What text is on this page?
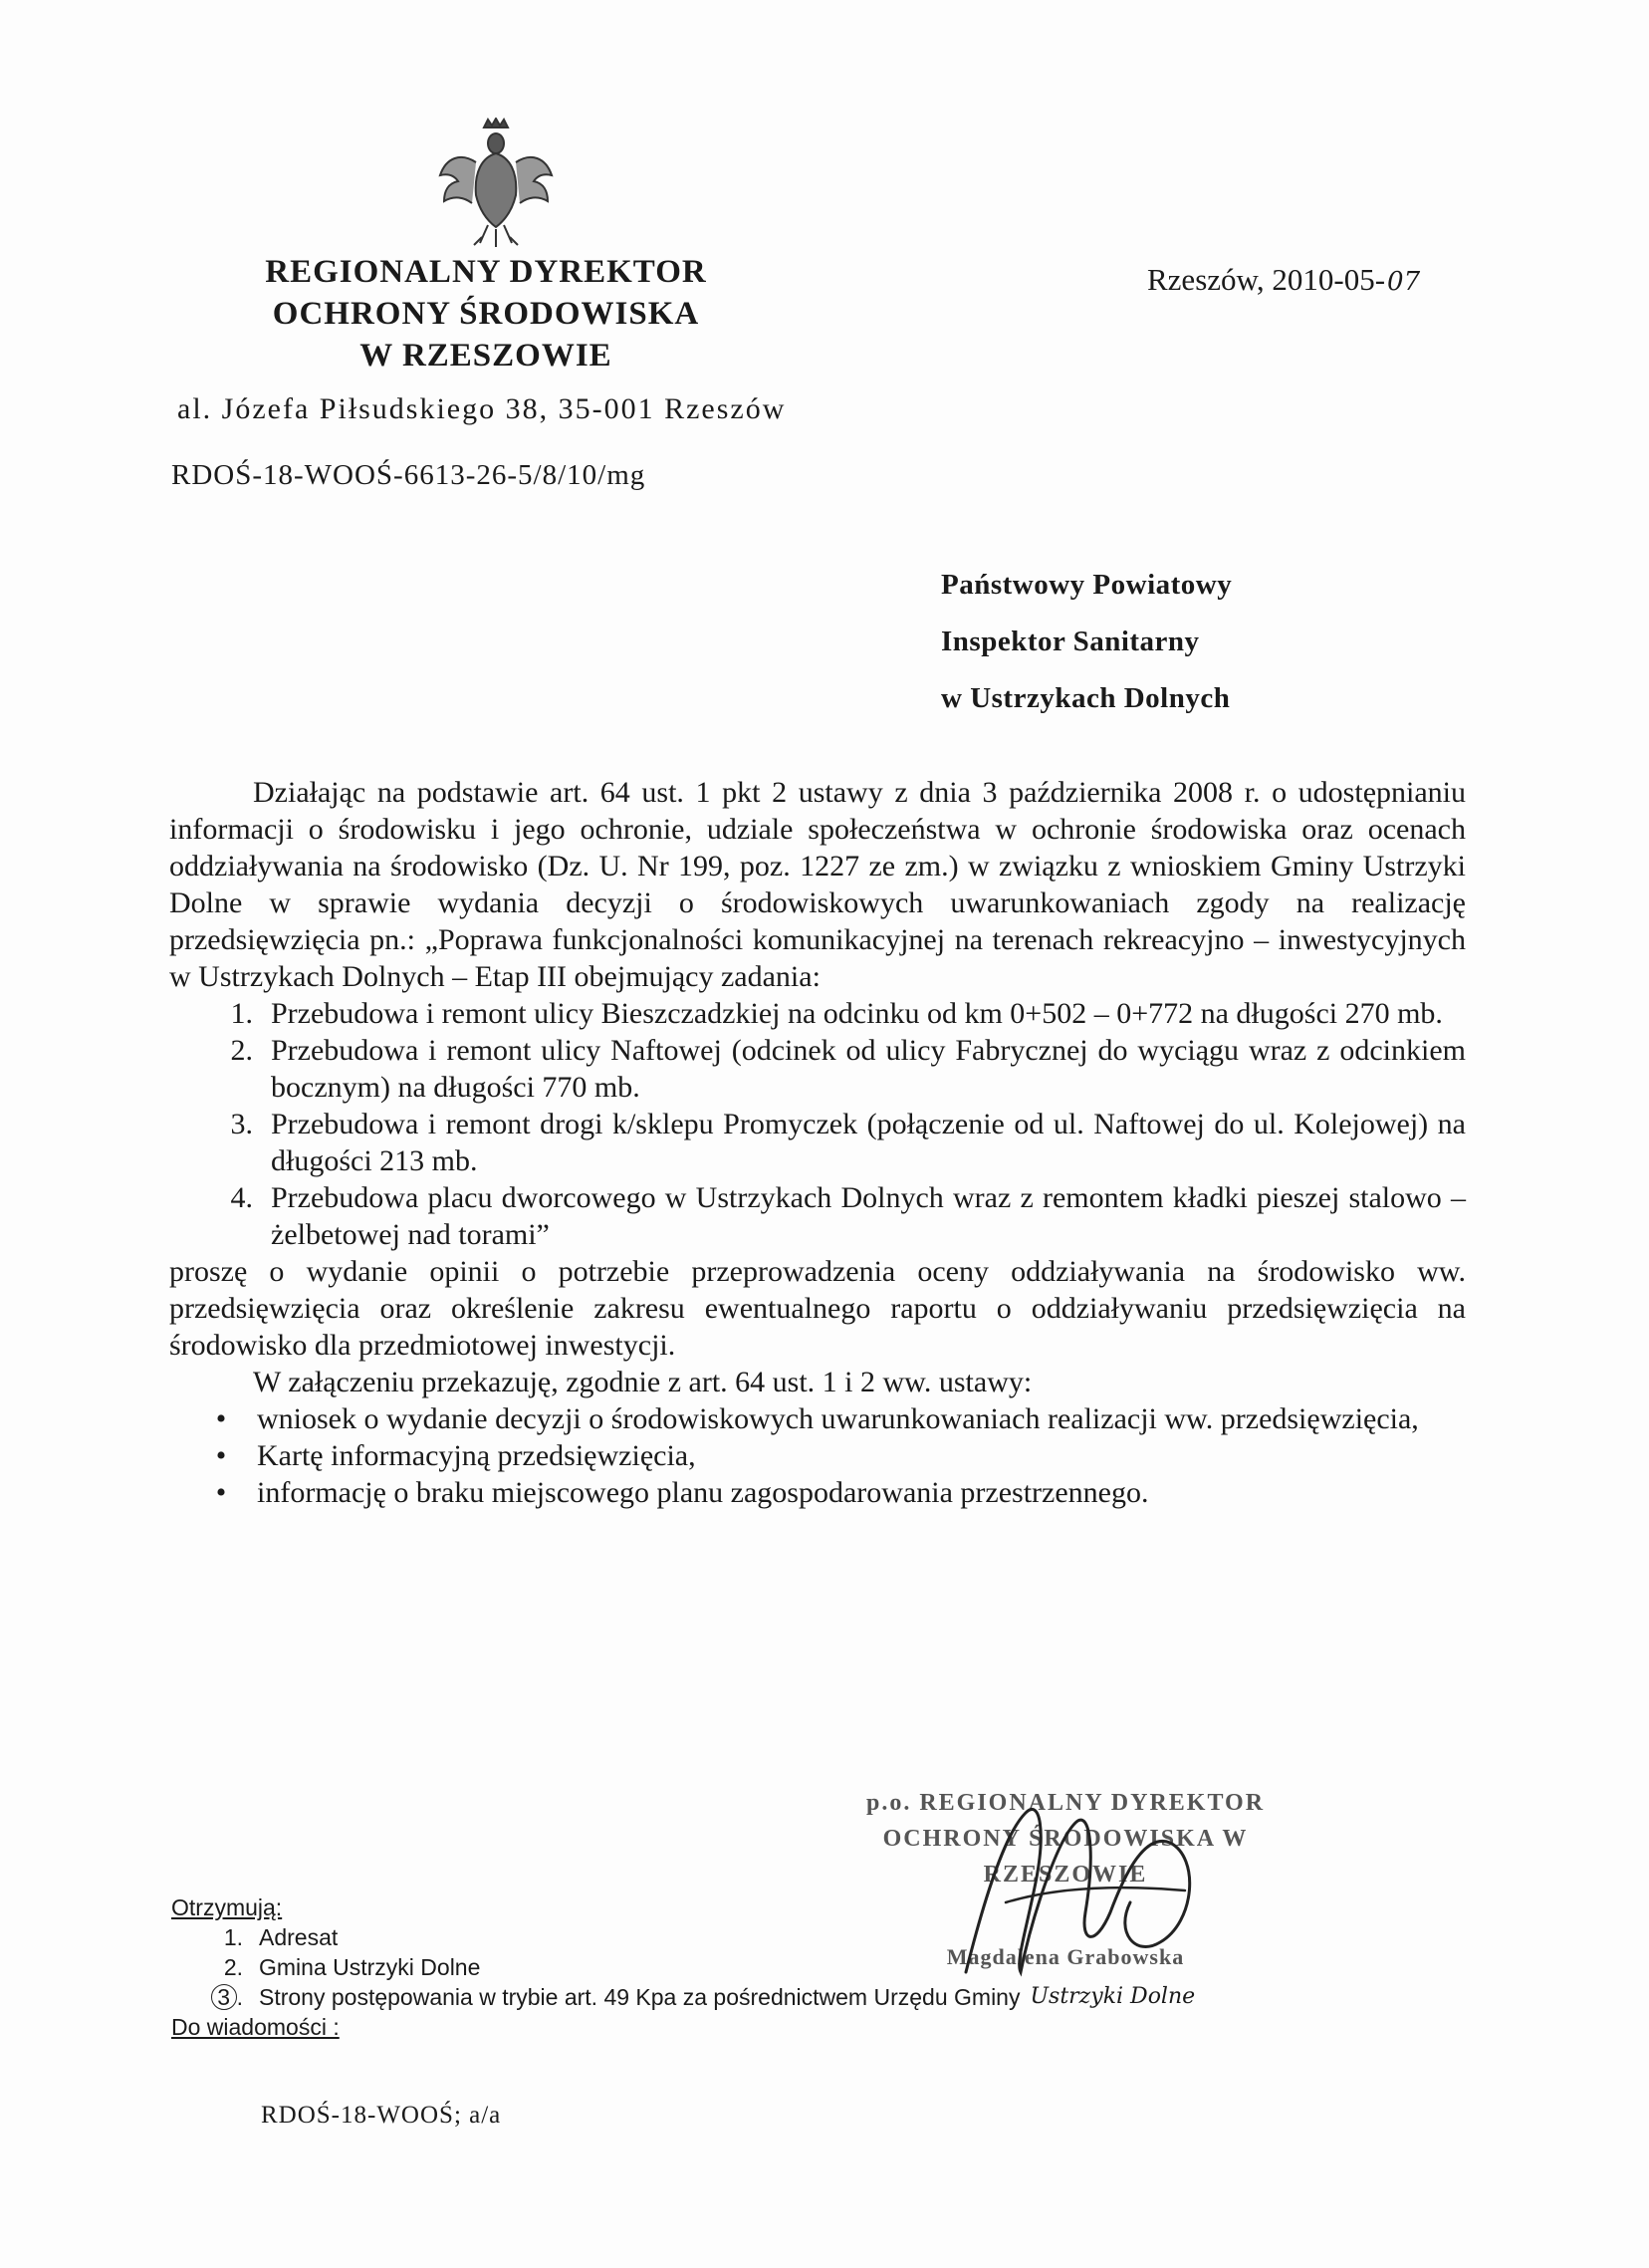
REGIONALNY DYREKTOR
OCHRONY ŚRODOWISKA
W RZESZOWIE
al. Józefa Piłsudskiego 38, 35-001 Rzeszów
RDOŚ-18-WOOŚ-6613-26-5/8/10/mg
Rzeszów, 2010-05-07
Państwowy Powiatowy
Inspektor Sanitarny
w Ustrzykach Dolnych
Działając na podstawie art. 64 ust. 1 pkt 2 ustawy z dnia 3 października 2008 r. o udostępnianiu informacji o środowisku i jego ochronie, udziale społeczeństwa w ochronie środowiska oraz ocenach oddziaływania na środowisko (Dz. U. Nr 199, poz. 1227 ze zm.) w związku z wnioskiem Gminy Ustrzyki Dolne w sprawie wydania decyzji o środowiskowych uwarunkowaniach zgody na realizację przedsięwzięcia pn.: „Poprawa funkcjonalności komunikacyjnej na terenach rekreacyjno – inwestycyjnych w Ustrzykach Dolnych – Etap III obejmujący zadania:
1. Przebudowa i remont ulicy Bieszczadzkiej na odcinku od km 0+502 – 0+772 na długości 270 mb.
2. Przebudowa i remont ulicy Naftowej (odcinek od ulicy Fabrycznej do wyciągu wraz z odcinkiem bocznym) na długości 770 mb.
3. Przebudowa i remont drogi k/sklepu Promyczek (połączenie od ul. Naftowej do ul. Kolejowej) na długości 213 mb.
4. Przebudowa placu dworcowego w Ustrzykach Dolnych wraz z remontem kładki pieszej stalowo – żelbetowej nad torami”
proszę o wydanie opinii o potrzebie przeprowadzenia oceny oddziaływania na środowisko ww. przedsięwzięcia oraz określenie zakresu ewentualnego raportu o oddziaływaniu przedsięwzięcia na środowisko dla przedmiotowej inwestycji.
W załączeniu przekazuję, zgodnie z art. 64 ust. 1 i 2 ww. ustawy:
•	wniosek o wydanie decyzji o środowiskowych uwarunkowaniach realizacji ww. przedsięwzięcia,
•	Kartę informacyjną przedsięwzięcia,
•	informację o braku miejscowego planu zagospodarowania przestrzennego.
p.o. REGIONALNY DYREKTOR
OCHRONY ŚRODOWISKA W RZESZOWIE
Magdalena Grabowska
Otrzymują:
1. Adresat
2. Gmina Ustrzyki Dolne
3 . Strony postępowania w trybie art. 49 Kpa za pośrednictwem Urzędu Gminy Ustrzyki Dolne
Do wiadomości :
RDOŚ-18-WOOŚ; a/a
